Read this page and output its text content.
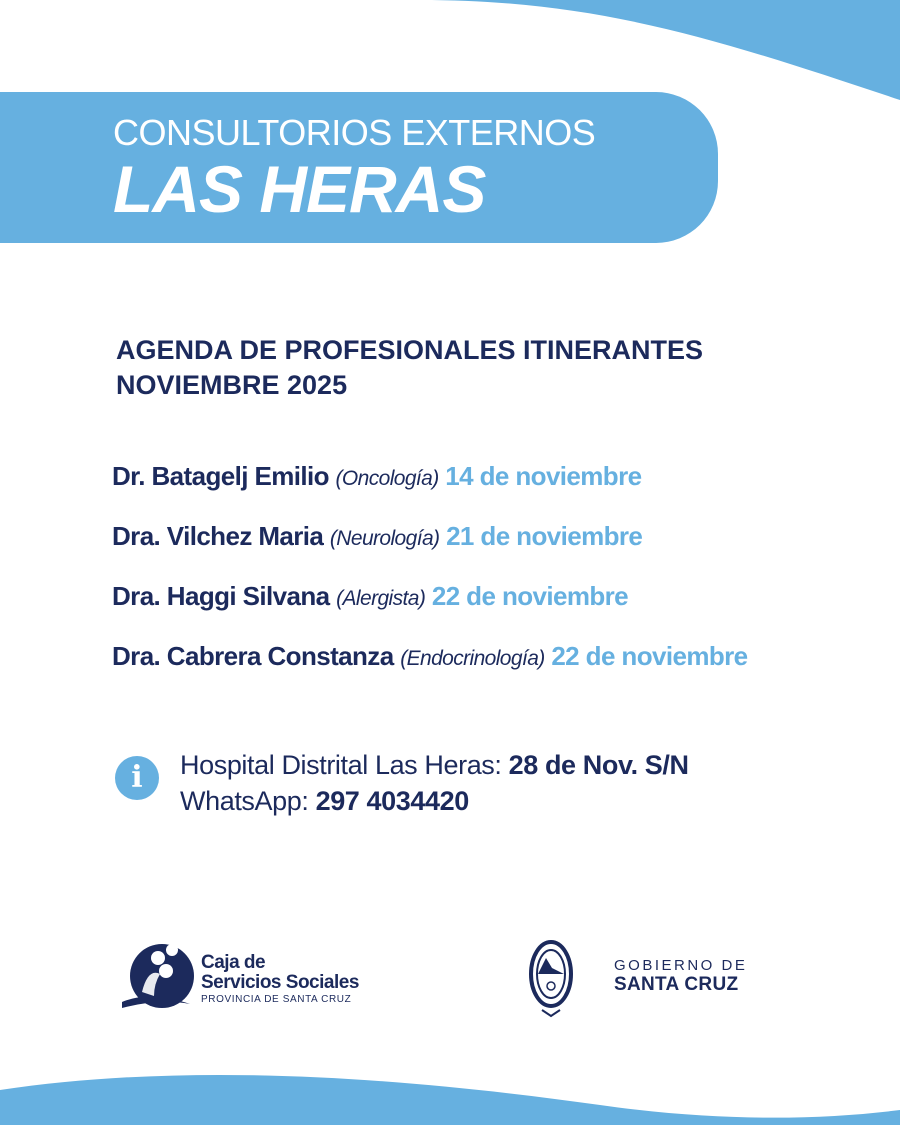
CONSULTORIOS EXTERNOS
LAS HERAS
AGENDA DE PROFESIONALES ITINERANTES
NOVIEMBRE 2025
Dr. Batagelj Emilio (Oncología) 14 de noviembre
Dra. Vilchez Maria (Neurología) 21 de noviembre
Dra. Haggi Silvana (Alergista) 22 de noviembre
Dra. Cabrera Constanza (Endocrinología) 22 de noviembre
i	Hospital Distrital Las Heras: 28 de Nov. S/N
WhatsApp: 297 4034420
Caja de
Servicios Sociales
PROVINCIA DE SANTA CRUZ
GOBIERNO DE
SANTA CRUZ
